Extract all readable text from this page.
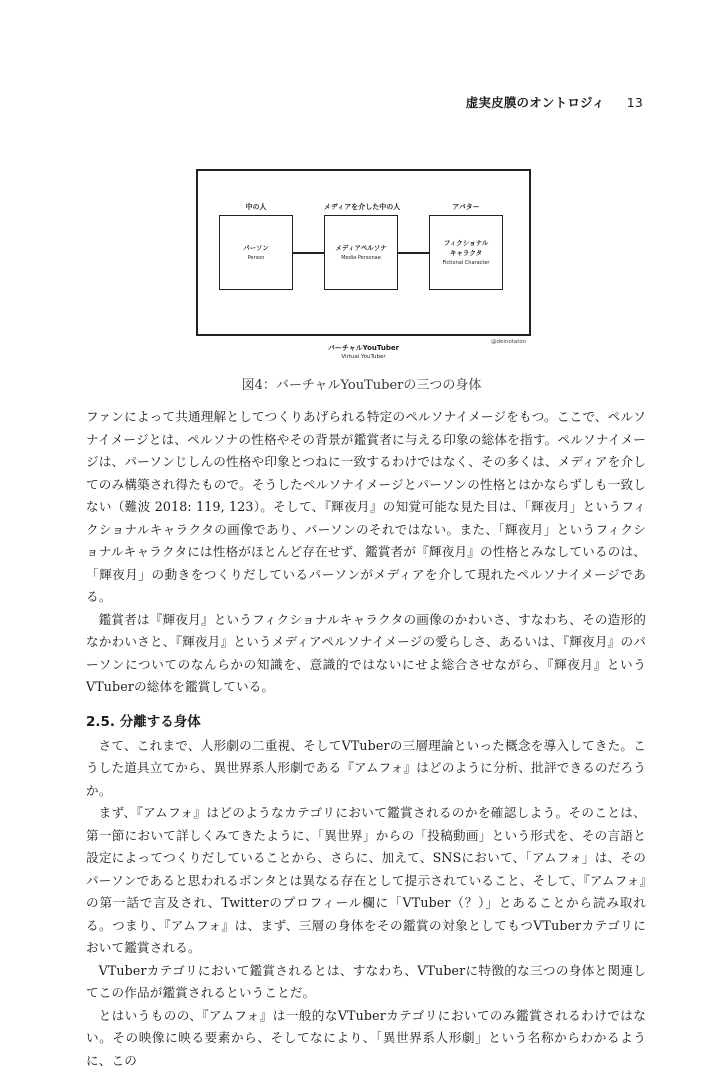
虚実皮膜のオントロジィ 13
中の人	メディアを介した中の人	アバター
パーソン
Person
メディアペルソナ
Media Personae
フィクショナル
キャラクタ
Fictional Character
@deinotaton
バーチャルYouTuber
Virtual YouTuber
図4：バーチャルYouTuberの三つの身体

ファンによって共通理解としてつくりあげられる特定のペルソナイメージをもつ。ここで、ペルソナイメージとは、ペルソナの性格やその背景が鑑賞者に与える印象の総体を指す。ペルソナイメージは、パーソンじしんの性格や印象とつねに一致するわけではなく、その多くは、メディアを介してのみ構築され得たもので。そうしたペルソナイメージとパーソンの性格とはかならずしも一致しない（難波 2018: 119, 123）。そして、『輝夜月』の知覚可能な見た目は、「輝夜月」というフィクショナルキャラクタの画像であり、パーソンのそれではない。また、「輝夜月」というフィクショナルキャラクタには性格がほとんど存在せず、鑑賞者が『輝夜月』の性格とみなしているのは、「輝夜月」の動きをつくりだしているパーソンがメディアを介して現れたペルソナイメージである。

鑑賞者は『輝夜月』というフィクショナルキャラクタの画像のかわいさ、すなわち、その造形的なかわいさと、『輝夜月』というメディアペルソナイメージの愛らしさ、あるいは、『輝夜月』のパーソンについてのなんらかの知識を、意識的ではないにせよ総合させながら、『輝夜月』というVTuberの総体を鑑賞している。

2.5. 分離する身体

さて、これまで、人形劇の二重視、そしてVTuberの三層理論といった概念を導入してきた。こうした道具立てから、異世界系人形劇である『アムフォ』はどのように分析、批評できるのだろうか。

まず、『アムフォ』はどのようなカテゴリにおいて鑑賞されるのかを確認しよう。そのことは、第一節において詳しくみてきたように、「異世界」からの「投稿動画」という形式を、その言語と設定によってつくりだしていることから、さらに、加えて、SNSにおいて、「アムフォ」は、そのパーソンであると思われるボンタとは異なる存在として提示されていること、そして、『アムフォ』の第一話で言及され、Twitterのプロフィール欄に「VTuber（？）」とあることから読み取れる。つまり、『アムフォ』は、まず、三層の身体をその鑑賞の対象としてもつVTuberカテゴリにおいて鑑賞される。

VTuberカテゴリにおいて鑑賞されるとは、すなわち、VTuberに特徴的な三つの身体と関連してこの作品が鑑賞されるということだ。

とはいうものの、『アムフォ』は一般的なVTuberカテゴリにおいてのみ鑑賞されるわけではない。その映像に映る要素から、そしてなにより、「異世界系人形劇」という名称からわかるように、この
